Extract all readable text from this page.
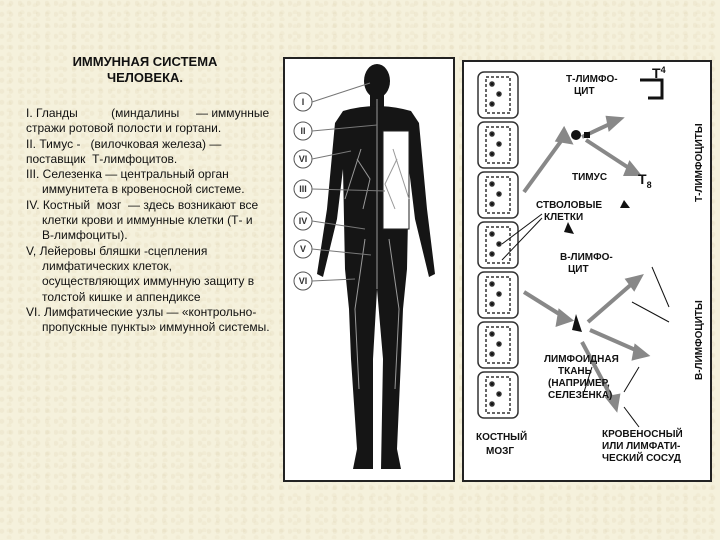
ИММУННАЯ СИСТЕМА
ЧЕЛОВЕКА.

I. Гланды          (миндалины     — иммунные стражи ротовой полости и гортани.

II. Тимус -   (вилочковая железа) — поставщик  Т-лимфоцитов.

III. Селезенка — центральный орган иммунитета в кровеносной системе.

IV. Костный  мозг  — здесь возникают все клетки крови и иммунные клетки (Т- и  В-лимфоциты).

V, Лейеровы бляшки -сцепления лимфатических клеток, осуществляющих иммунную защиту в толстой кишке и аппендиксе

VI. Лимфатические узлы — «контрольно-пропускные пункты» иммунной системы.

I
II
VI
III
IV
V
VI
Т-ЛИМФО-
ЦИТ
$T^4$
$T_8$
ТИМУС
СТВОЛОВЫЕ
КЛЕТКИ
В-ЛИМФО-
ЦИТ
ЛИМФОИДНАЯ
ТКАНЬ
(НАПРИМЕР,
СЕЛЕЗЕНКА)
КОСТНЫЙ
МОЗГ
КРОВЕНОСНЫЙ
ИЛИ ЛИМФАТИ-
ЧЕСКИЙ СОСУД
Т-ЛИМФОЦИТЫ
В-ЛИМФОЦИТЫ
